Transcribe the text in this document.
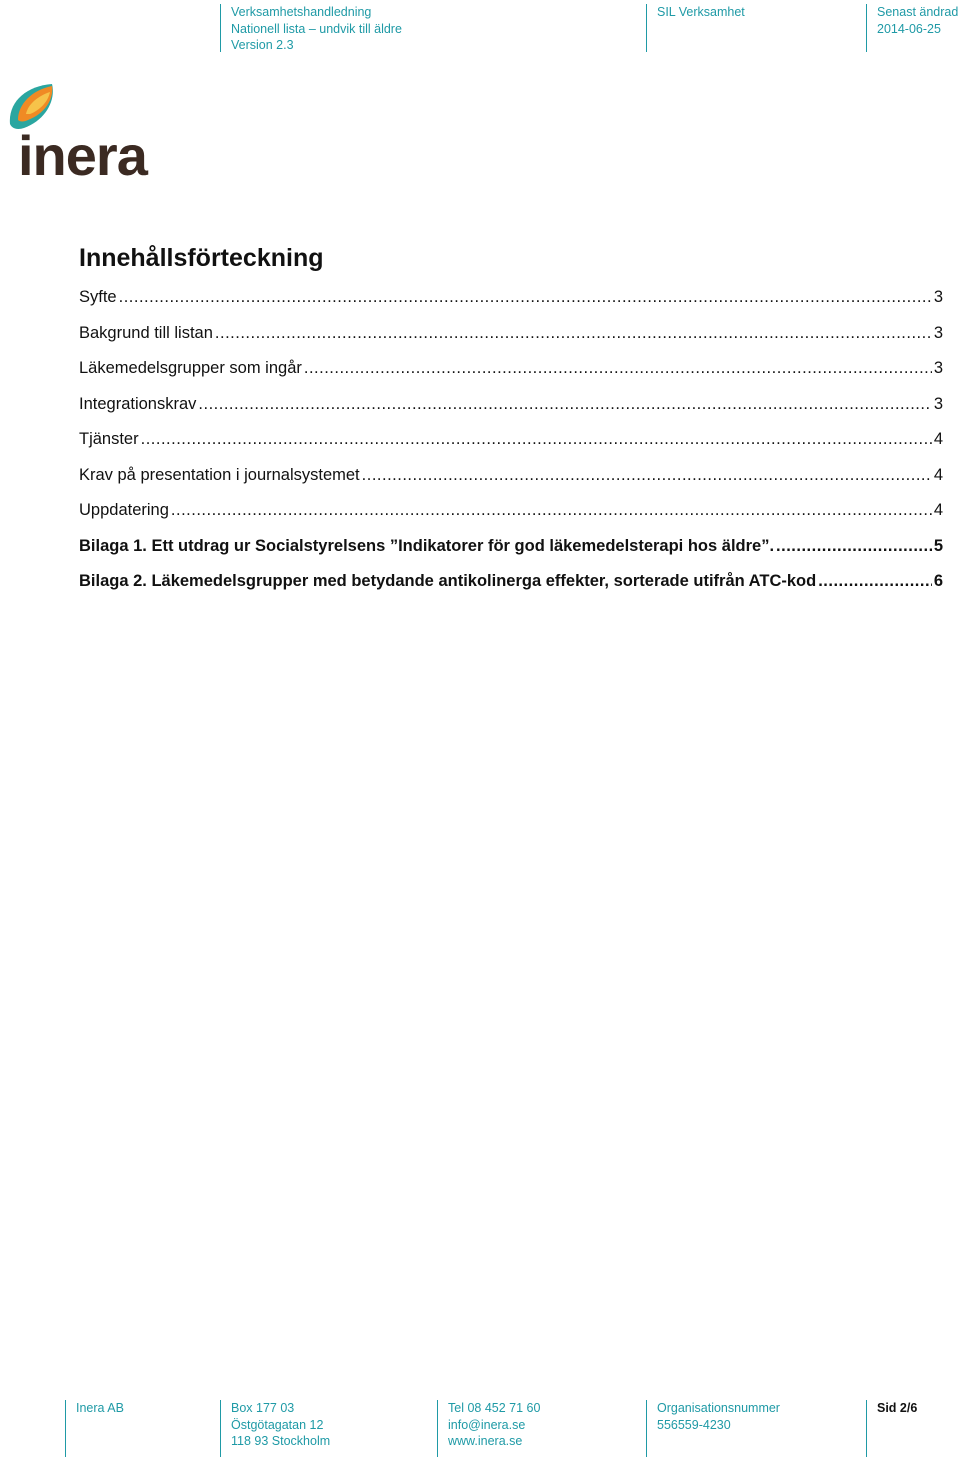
Verksamhetshandledning
Nationell lista – undvik till äldre
Version 2.3
SIL Verksamhet	Senast ändrad
2014-06-25
inera
Innehållsförteckning
Syfte .....	3
Bakgrund till listan .....	3
Läkemedelsgrupper som ingår .....	3
Integrationskrav .....	3
Tjänster .....	4
Krav på presentation i journalsystemet .....	4
Uppdatering .....	4
Bilaga 1. Ett utdrag ur Socialstyrelsens ”Indikatorer för god läkemedelsterapi hos äldre”. .....	5
Bilaga 2. Läkemedelsgrupper med betydande antikolinerga effekter, sorterade utifrån ATC-kod .....	6
Inera AB	Box 177 03
Östgötagatan 12
118 93 Stockholm
Tel 08 452 71 60
info@inera.se
www.inera.se
Organisationsnummer
556559-4230
Sid 2/6
